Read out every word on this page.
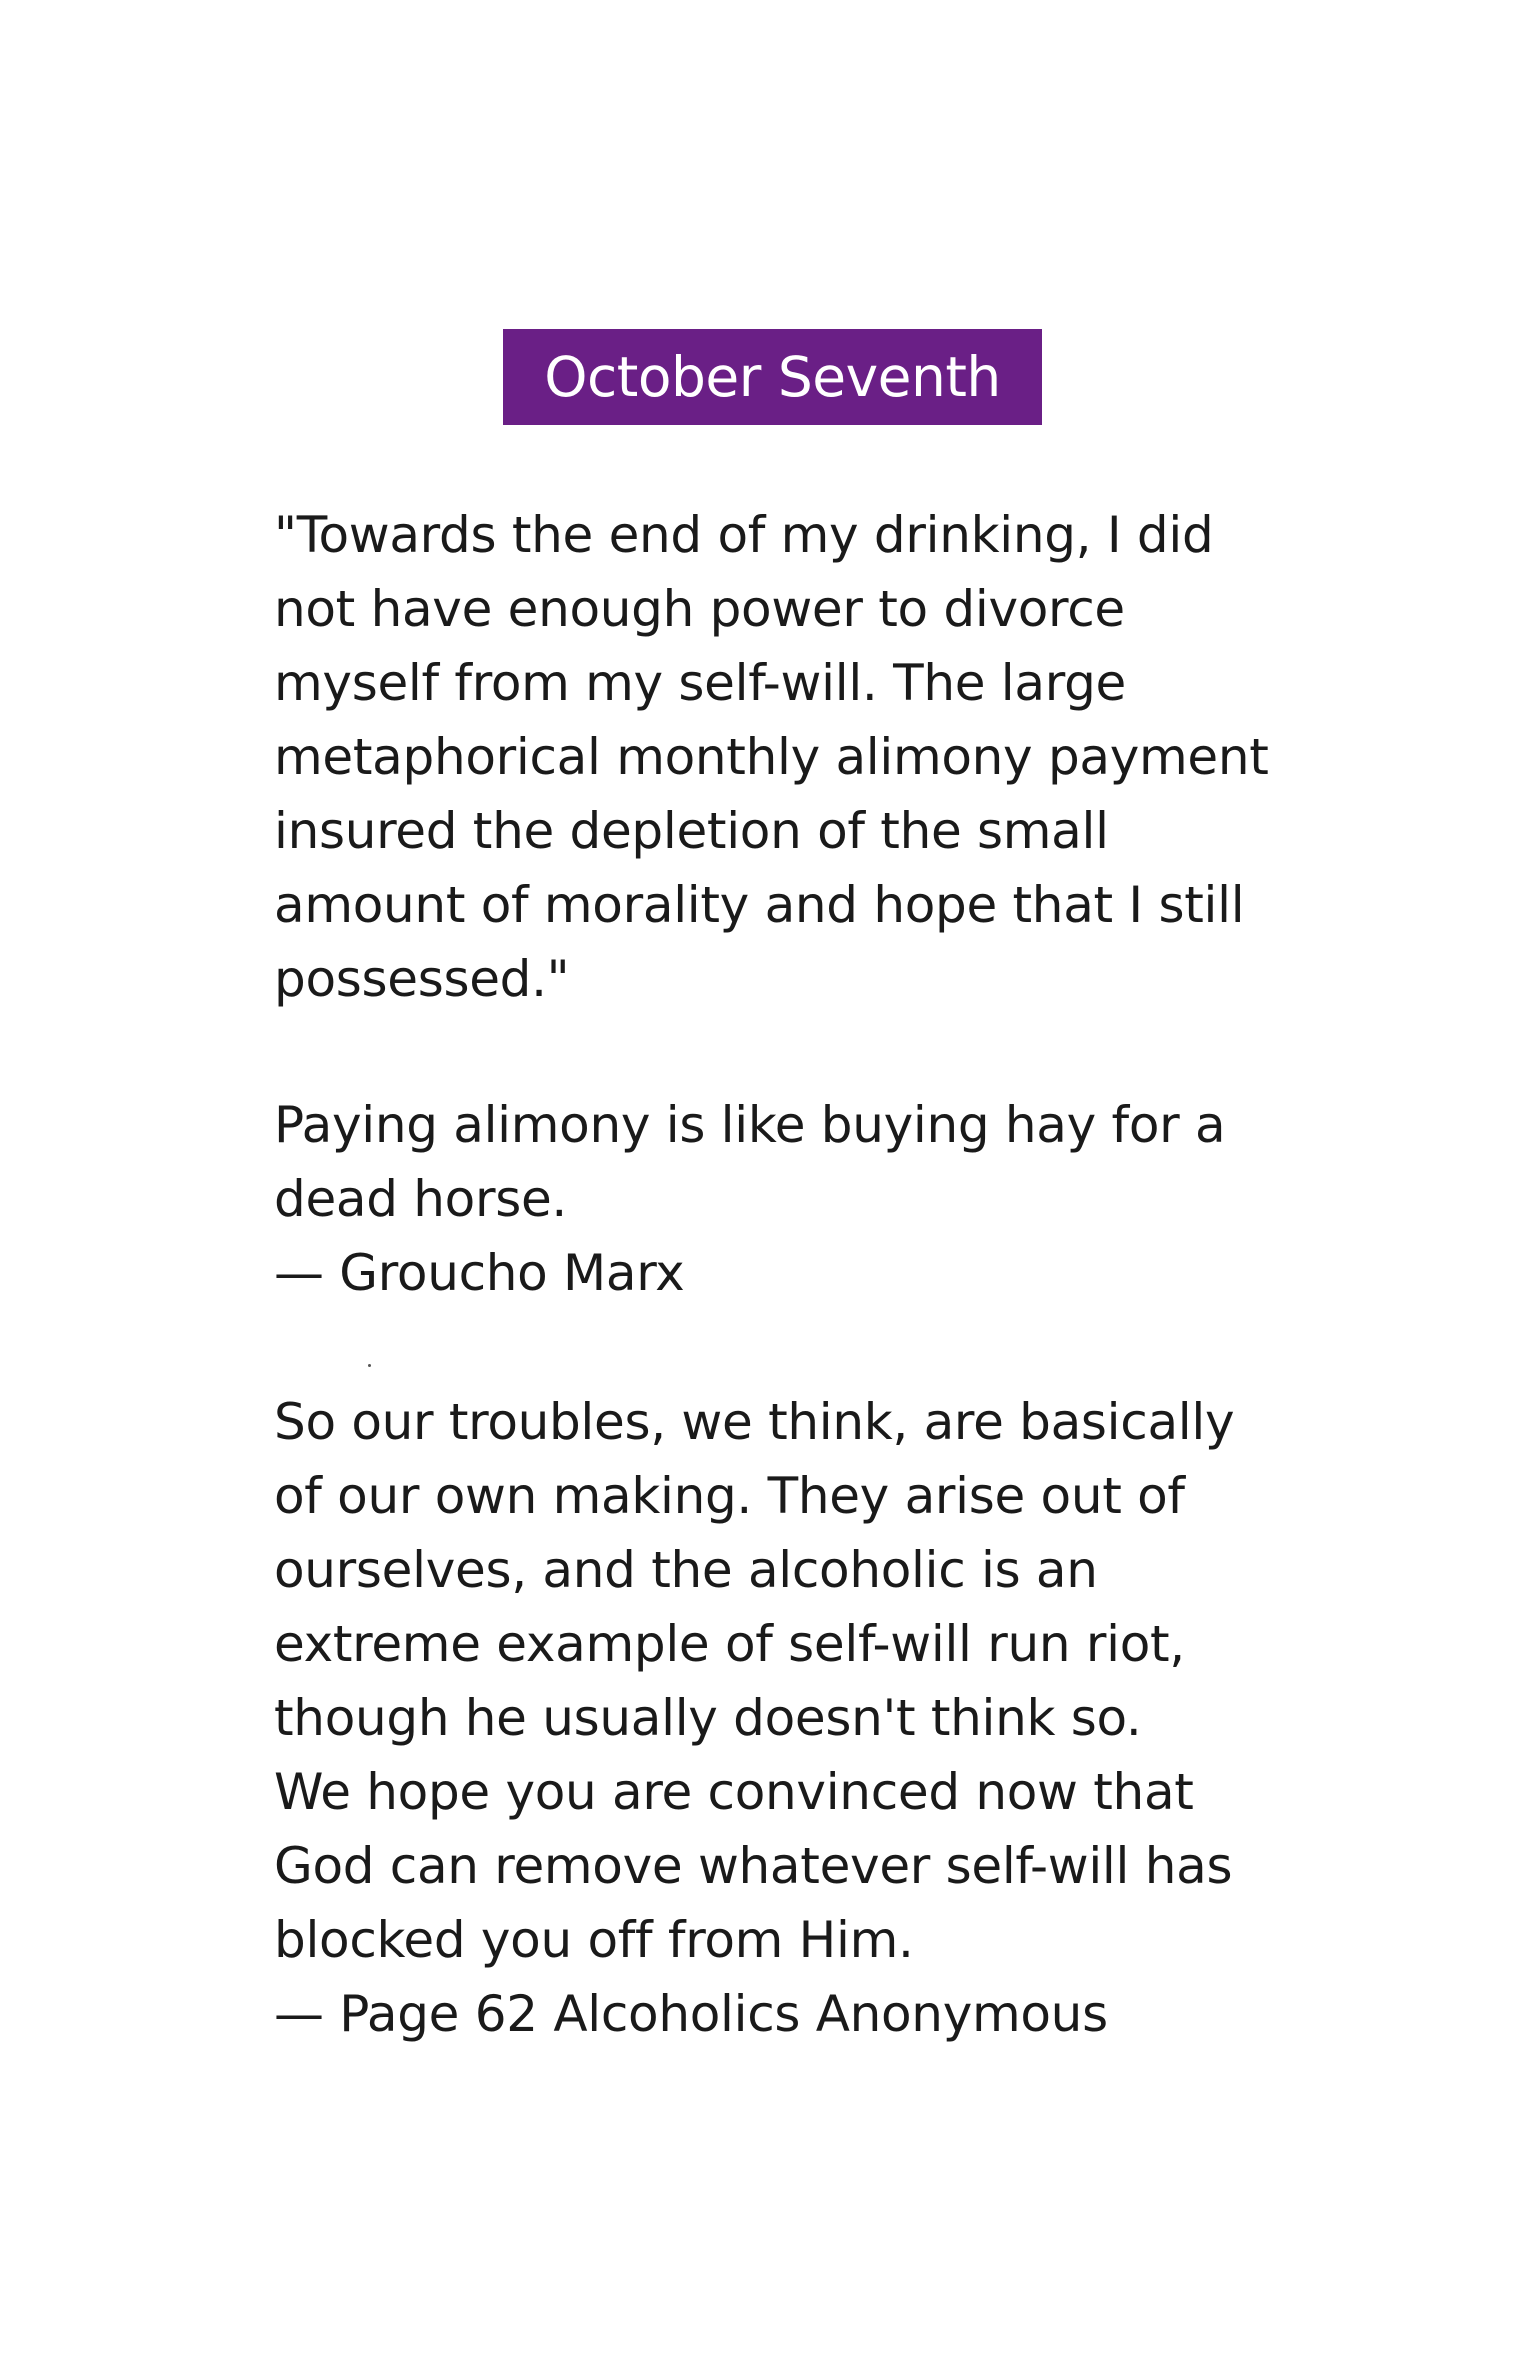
October Seventh
"Towards the end of my drinking, I did
not have enough power to divorce
myself from my self-will. The large
metaphorical monthly alimony payment
insured the depletion of the small
amount of morality and hope that I still
possessed."
Paying alimony is like buying hay for a
dead horse.
— Groucho Marx
So our troubles, we think, are basically
of our own making. They arise out of
ourselves, and the alcoholic is an
extreme example of self-will run riot,
though he usually doesn't think so.
We hope you are convinced now that
God can remove whatever self-will has
blocked you off from Him.
— Page 62 Alcoholics Anonymous
